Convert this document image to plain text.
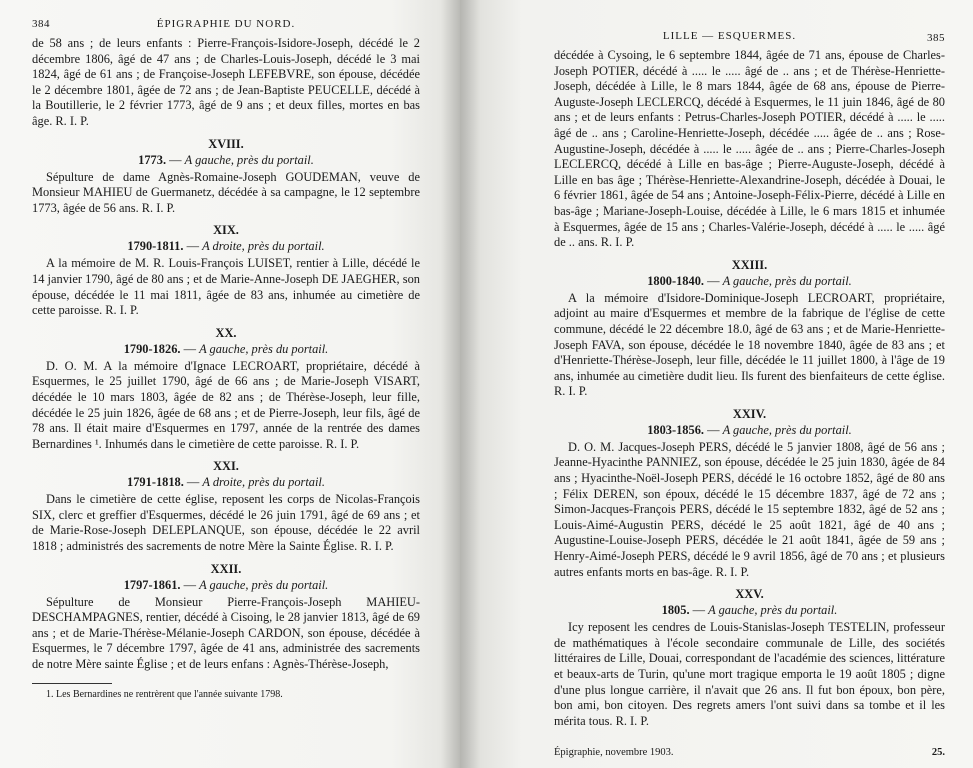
384	ÉPIGRAPHIE DU NORD.

de 58 ans ; de leurs enfants : Pierre-François-Isidore-Joseph, décédé le 2 décembre 1806, âgé de 47 ans ; de Charles-Louis-Joseph, décédé le 3 mai 1824, âgé de 61 ans ; de Françoise-Joseph LEFEBVRE, son épouse, décédée le 2 décembre 1801, âgée de 72 ans ; de Jean-Baptiste PEUCELLE, décédé à la Boutillerie, le 2 février 1773, âgé de 9 ans ; et deux filles, mortes en bas âge. R. I. P.

XVIII.
1773. — A gauche, près du portail.

Sépulture de dame Agnès-Romaine-Joseph GOUDEMAN, veuve de Monsieur MAHIEU de Guermanetz, décédée à sa campagne, le 12 septembre 1773, âgée de 56 ans. R. I. P.

XIX.
1790-1811. — A droite, près du portail.

A la mémoire de M. R. Louis-François LUISET, rentier à Lille, décédé le 14 janvier 1790, âgé de 80 ans ; et de Marie-Anne-Joseph DE JAEGHER, son épouse, décédée le 11 mai 1811, âgée de 83 ans, inhumée au cimetière de cette paroisse. R. I. P.

XX.
1790-1826. — A gauche, près du portail.

D. O. M. A la mémoire d'Ignace LECROART, propriétaire, décédé à Esquermes, le 25 juillet 1790, âgé de 66 ans ; de Marie-Joseph VISART, décédée le 10 mars 1803, âgée de 82 ans ; de Thérèse-Joseph, leur fille, décédée le 25 juin 1826, âgée de 68 ans ; et de Pierre-Joseph, leur fils, âgé de 78 ans. Il était maire d'Esquermes en 1797, année de la rentrée des dames Bernardines ¹. Inhumés dans le cimetière de cette paroisse. R. I. P.

XXI.
1791-1818. — A droite, près du portail.

Dans le cimetière de cette église, reposent les corps de Nicolas-François SIX, clerc et greffier d'Esquermes, décédé le 26 juin 1791, âgé de 69 ans ; et de Marie-Rose-Joseph DELEPLANQUE, son épouse, décédée le 22 avril 1818 ; administrés des sacrements de notre Mère la Sainte Église. R. I. P.

XXII.
1797-1861. — A gauche, près du portail.

Sépulture de Monsieur Pierre-François-Joseph MAHIEU-DESCHAMPAGNES, rentier, décédé à Cisoing, le 28 janvier 1813, âgé de 69 ans ; et de Marie-Thérèse-Mélanie-Joseph CARDON, son épouse, décédée à Esquermes, le 7 décembre 1797, âgée de 41 ans, administrée des sacrements de notre Mère sainte Église ; et de leurs enfans : Agnès-Thérèse-Joseph,

1. Les Bernardines ne rentrèrent que l'année suivante 1798.

LILLE — ESQUERMES.	385

décédée à Cysoing, le 6 septembre 1844, âgée de 71 ans, épouse de Charles-Joseph POTIER, décédé à ..... le ..... âgé de .. ans ; et de Thérèse-Henriette-Joseph, décédée à Lille, le 8 mars 1844, âgée de 68 ans, épouse de Pierre-Auguste-Joseph LECLERCQ, décédé à Esquermes, le 11 juin 1846, âgé de 80 ans ; et de leurs enfants : Petrus-Charles-Joseph POTIER, décédé à ..... le ..... âgé de .. ans ; Caroline-Henriette-Joseph, décédée ..... âgée de .. ans ; Rose-Augustine-Joseph, décédée à ..... le ..... âgée de .. ans ; Pierre-Charles-Joseph LECLERCQ, décédé à Lille en bas-âge ; Pierre-Auguste-Joseph, décédé à Lille en bas âge ; Thérèse-Henriette-Alexandrine-Joseph, décédée à Douai, le 6 février 1861, âgée de 54 ans ; Antoine-Joseph-Félix-Pierre, décédé à Lille en bas-âge ; Mariane-Joseph-Louise, décédée à Lille, le 6 mars 1815 et inhumée à Esquermes, âgée de 15 ans ; Charles-Valérie-Joseph, décédé à ..... le ..... âgé de .. ans. R. I. P.

XXIII.
1800-1840. — A gauche, près du portail.

A la mémoire d'Isidore-Dominique-Joseph LECROART, propriétaire, adjoint au maire d'Esquermes et membre de la fabrique de l'église de cette commune, décédé le 22 décembre 18.0, âgé de 63 ans ; et de Marie-Henriette-Joseph FAVA, son épouse, décédée le 18 novembre 1840, âgée de 83 ans ; et d'Henriette-Thérèse-Joseph, leur fille, décédée le 11 juillet 1800, à l'âge de 19 ans, inhumée au cimetière dudit lieu. Ils furent des bienfaiteurs de cette église. R. I. P.

XXIV.
1803-1856. — A gauche, près du portail.

D. O. M. Jacques-Joseph PERS, décédé le 5 janvier 1808, âgé de 56 ans ; Jeanne-Hyacinthe PANNIEZ, son épouse, décédée le 25 juin 1830, âgée de 84 ans ; Hyacinthe-Noël-Joseph PERS, décédé le 16 octobre 1852, âgé de 80 ans ; Félix DEREN, son époux, décédé le 15 décembre 1837, âgé de 72 ans ; Simon-Jacques-François PERS, décédé le 15 septembre 1832, âgé de 52 ans ; Louis-Aimé-Augustin PERS, décédé le 25 août 1821, âgé de 40 ans ; Augustine-Louise-Joseph PERS, décédée le 21 août 1841, âgée de 59 ans ; Henry-Aimé-Joseph PERS, décédé le 9 avril 1856, âgé de 70 ans ; et plusieurs autres enfants morts en bas-âge. R. I. P.

XXV.
1805. — A gauche, près du portail.

Icy reposent les cendres de Louis-Stanislas-Joseph TESTELIN, professeur de mathématiques à l'école secondaire communale de Lille, des sociétés littéraires de Lille, Douai, correspondant de l'académie des sciences, littérature et beaux-arts de Turin, qu'une mort tragique emporta le 19 août 1805 ; digne d'une plus longue carrière, il n'avait que 26 ans. Il fut bon époux, bon père, bon ami, bon citoyen. Des regrets amers l'ont suivi dans sa tombe et il les mérita tous. R. I. P.

Épigraphie, novembre 1903.	25.
